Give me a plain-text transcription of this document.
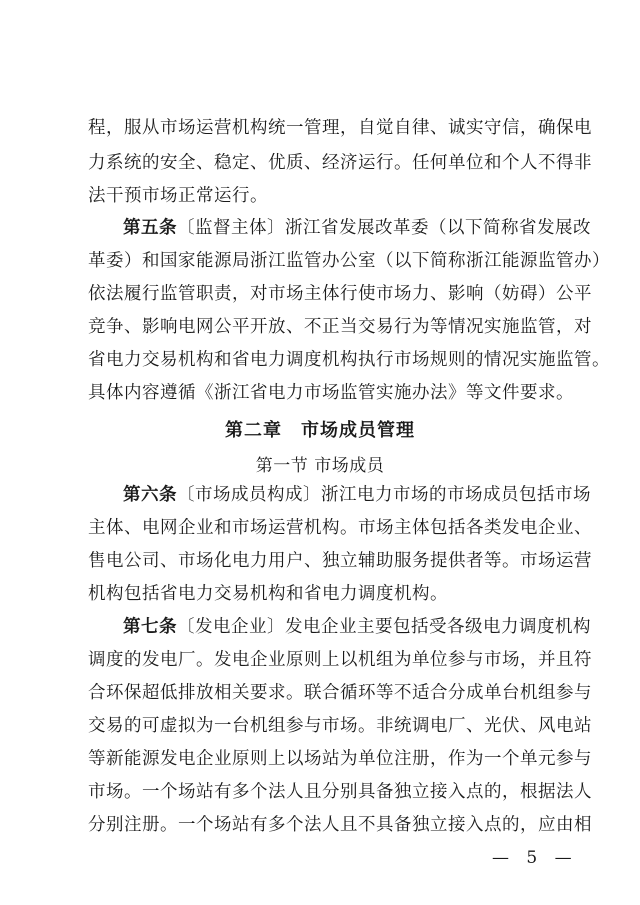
程，服从市场运营机构统一管理，自觉自律、诚实守信，确保电
力系统的安全、稳定、优质、经济运行。任何单位和个人不得非
法干预市场正常运行。
第五条〔监督主体〕浙江省发展改革委（以下简称省发展改
革委）和国家能源局浙江监管办公室（以下简称浙江能源监管办）
依法履行监管职责，对市场主体行使市场力、影响（妨碍）公平
竞争、影响电网公平开放、不正当交易行为等情况实施监管，对
省电力交易机构和省电力调度机构执行市场规则的情况实施监管。
具体内容遵循《浙江省电力市场监管实施办法》等文件要求。
第二章　市场成员管理
第一节 市场成员
第六条〔市场成员构成〕浙江电力市场的市场成员包括市场
主体、电网企业和市场运营机构。市场主体包括各类发电企业、
售电公司、市场化电力用户、独立辅助服务提供者等。市场运营
机构包括省电力交易机构和省电力调度机构。
第七条〔发电企业〕发电企业主要包括受各级电力调度机构
调度的发电厂。发电企业原则上以机组为单位参与市场，并且符
合环保超低排放相关要求。联合循环等不适合分成单台机组参与
交易的可虚拟为一台机组参与市场。非统调电厂、光伏、风电站
等新能源发电企业原则上以场站为单位注册，作为一个单元参与
市场。一个场站有多个法人且分别具备独立接入点的，根据法人
分别注册。一个场站有多个法人且不具备独立接入点的，应由相
— 5 —
